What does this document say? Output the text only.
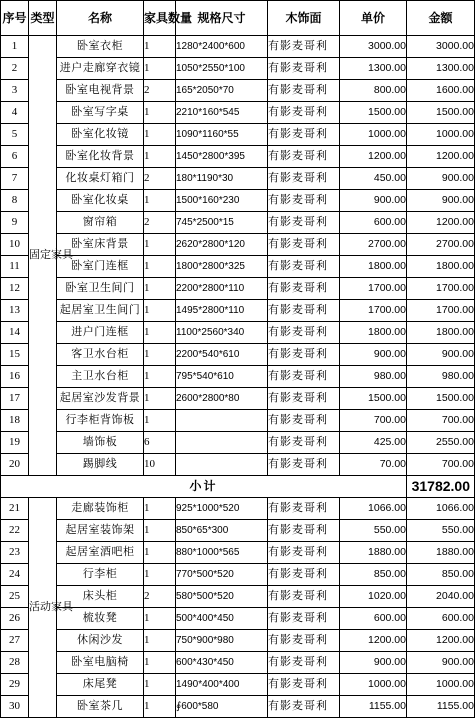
序号	类型	名称	家具数量	规格尺寸	木饰面	单价	金额
1	固定家具	卧室衣柜	1	1280*2400*600	有影麦哥利	3000.00	3000.00
2		进户走廊穿衣镜	1	1050*2550*100	有影麦哥利	1300.00	1300.00
3		卧室电视背景	2	165*2050*70	有影麦哥利	800.00	1600.00
4		卧室写字桌	1	2210*160*545	有影麦哥利	1500.00	1500.00
5		卧室化妆镜	1	1090*1160*55	有影麦哥利	1000.00	1000.00
6		卧室化妆背景	1	1450*2800*395	有影麦哥利	1200.00	1200.00
7		化妆桌灯箱门	2	180*1190*30	有影麦哥利	450.00	900.00
8		卧室化妆桌	1	1500*160*230	有影麦哥利	900.00	900.00
9		窗帘箱	2	745*2500*15	有影麦哥利	600.00	1200.00
10		卧室床背景	1	2620*2800*120	有影麦哥利	2700.00	2700.00
11		卧室门连框	1	1800*2800*325	有影麦哥利	1800.00	1800.00
12		卧室卫生间门	1	2200*2800*110	有影麦哥利	1700.00	1700.00
13		起居室卫生间门	1	1495*2800*110	有影麦哥利	1700.00	1700.00
14		进户门连框	1	1100*2560*340	有影麦哥利	1800.00	1800.00
15		客卫水台柜	1	2200*540*610	有影麦哥利	900.00	900.00
16		主卫水台柜	1	795*540*610	有影麦哥利	980.00	980.00
17		起居室沙发背景	1	2600*2800*80	有影麦哥利	1500.00	1500.00
18		行李柜背饰板	1		有影麦哥利	700.00	700.00
19		墙饰板	6		有影麦哥利	425.00	2550.00
20		踢脚线	10		有影麦哥利	70.00	700.00
小计							31782.00
21	活动家具	走廊装饰柜	1	925*1000*520	有影麦哥利	1066.00	1066.00
22		起居室装饰架	1	850*65*300	有影麦哥利	550.00	550.00
23		起居室酒吧柜	1	880*1000*565	有影麦哥利	1880.00	1880.00
24		行李柜	1	770*500*520	有影麦哥利	850.00	850.00
25		床头柜	2	580*500*520	有影麦哥利	1020.00	2040.00
26		梳妆凳	1	500*400*450	有影麦哥利	600.00	600.00
27		休闲沙发	1	750*900*980	有影麦哥利	1200.00	1200.00
28		卧室电脑椅	1	600*430*450	有影麦哥利	900.00	900.00
29		床尾凳	1	1490*400*400	有影麦哥利	1000.00	1000.00
30		卧室茶几	1	∮600*580	有影麦哥利	1155.00	1155.00
